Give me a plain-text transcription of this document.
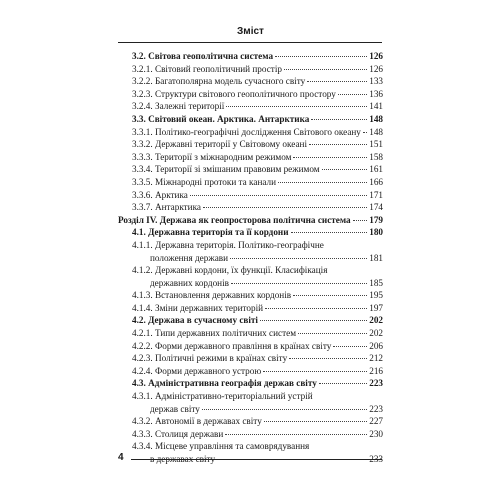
Зміст
3.2. Світова геополітична система	126
3.2.1. Світовий геополітичний простір	126
3.2.2. Багатополярна модель сучасного світу	133
3.2.3. Структури світового геополітичного простору	136
3.2.4. Залежні території	141
3.3. Світовий океан. Арктика. Антарктика	148
3.3.1. Політико-географічні дослідження Світового океану 148
3.3.2. Державні території у Світовому океані	151
3.3.3. Території з міжнародним режимом	158
3.3.4. Території зі змішаним правовим режимом	161
3.3.5. Міжнародні протоки та канали	166
3.3.6. Арктика	171
3.3.7. Антарктика	174
Розділ IV. Держава як геопросторова політична система 179
4.1. Державна територія та її кордони	180
4.1.1. Державна територія. Політико-географічне
положення держави	181
4.1.2. Державні кордони, їх функції. Класифікація
державних кордонів	185
4.1.3. Встановлення державних кордонів	195
4.1.4. Зміни державних територій	197
4.2. Держава в сучасному світі	202
4.2.1. Типи державних політичних систем	202
4.2.2. Форми державного правління в країнах світу	206
4.2.3. Політичні режими в країнах світу	212
4.2.4. Форми державного устрою	216
4.3. Адміністративна географія держав світу	223
4.3.1. Адміністративно-територіальний устрій
держав світу	223
4.3.2. Автономії в державах світу	227
4.3.3. Столиця держави	230
4.3.4. Місцеве управління та самоврядування
в державах світу	233
4
